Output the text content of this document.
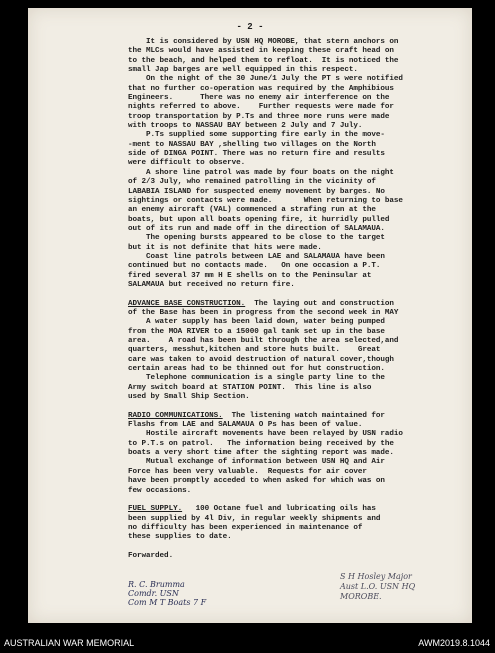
- 2 -
It is considered by USN HQ MOROBE, that stern anchors on
the MLCs would have assisted in keeping these craft head on
to the beach, and helped them to refloat.  It is noticed the
small Jap barges are well equipped in this respect.
On the night of the 30 June/1 July the PT s were notified
that no further co-operation was required by the Amphibious
Engineers.      There was no enemy air interference on the
nights referred to above.    Further requests were made for
troop transportation by P.Ts and three more runs were made
with troops to NASSAU BAY between 2 July and 7 July.
P.Ts supplied some supporting fire early in the move-
-ment to NASSAU BAY ,shelling two villages on the North
side of DINGA POINT. There was no return fire and results
were difficult to observe.
A shore line patrol was made by four boats on the night
of 2/3 July, who remained patrolling in the vicinity of
LABABIA ISLAND for suspected enemy movement by barges. No
sightings or contacts were made.       When returning to base
an enemy aircraft (VAL) commenced a strafing run at the
boats, but upon all boats opening fire, it hurridly pulled
out of its run and made off in the direction of SALAMAUA.
The opening bursts appeared to be close to the target
but it is not definite that hits were made.
Coast line patrols between LAE and SALAMAUA have been
continued but no contacts made.   On one occasion a P.T.
fired several 37 mm H E shells on to the Peninsular at
SALAMAUA but received no return fire.
ADVANCE BASE CONSTRUCTION.  The laying out and construction
of the Base has been in progress from the second week in MAY
A water supply has been laid down, water being pumped
from the MOA RIVER to a 15000 gal tank set up in the base
area.    A road has been built through the area selected,and
quarters, messhut,kitchen and store huts built.    Great
care was taken to avoid destruction of natural cover,though
certain areas had to be thinned out for hut construction.
Telephone communication is a single party line to the
Army switch board at STATION POINT.  This line is also
used by Small Ship Section.
RADIO COMMUNICATIONS.  The listening watch maintained for
Flashs from LAE and SALAMAUA O Ps has been of value.
Hostile aircraft movements have been relayed by USN radio
to P.T.s on patrol.   The information being received by the
boats a very short time after the sighting report was made.
Mutual exchange of information between USN HQ and Air
Force has been very valuable.  Requests for air cover
have been promptly acceded to when asked for which was on
few occasions.
FUEL SUPPLY.   100 Octane fuel and lubricating oils has
been supplied by 4l Div, in regular weekly shipments and
no difficulty has been experienced in maintenance of
these supplies to date.
Forwarded.
R. C. Brumma
Comdr. USN
Com M T Boats 7 F
S H Hosley Major
Aust L.O. USN HQ
MOROBE.
AUSTRALIAN WAR MEMORIAL	AWM2019.8.1044
